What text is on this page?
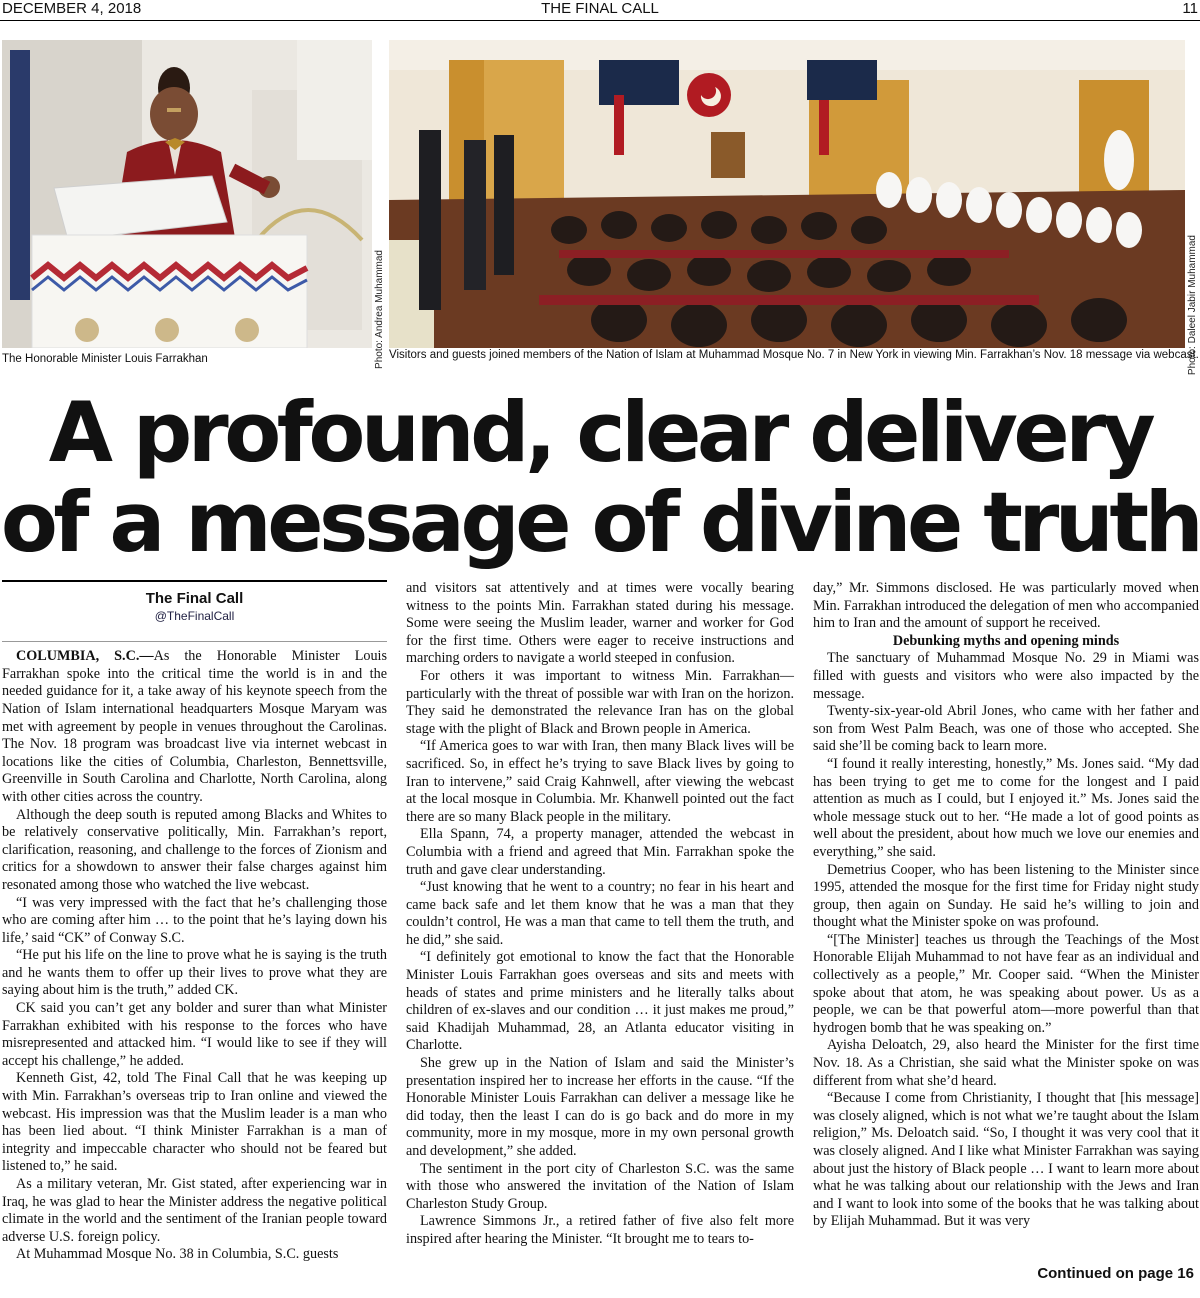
DECEMBER 4, 2018	THE FINAL CALL	11
Photo: Andrea Muhammad
The Honorable Minister Louis Farrakhan	Photo: Daleel Jabir Muhammad
Visitors and guests joined members of the Nation of Islam at Muhammad Mosque No. 7 in New York in viewing Min. Farrakhan’s Nov. 18 message via webcast.
A profound, clear delivery
of a message of divine truth
The Final Call
@TheFinalCall

COLUMBIA, S.C.—As the Honorable Minister Louis Farrakhan spoke into the critical time the world is in and the needed guidance for it, a take away of his keynote speech from the Nation of Islam international headquarters Mosque Maryam was met with agreement by people in venues throughout the Carolinas. The Nov. 18 program was broadcast live via internet webcast in locations like the cities of Columbia, Charleston, Bennettsville, Greenville in South Carolina and Charlotte, North Carolina, along with other cities across the country.

Although the deep south is reputed among Blacks and Whites to be relatively conservative politically, Min. Farrakhan’s report, clarification, reasoning, and challenge to the forces of Zionism and critics for a showdown to answer their false charges against him resonated among those who watched the live webcast.

“I was very impressed with the fact that he’s challenging those who are coming after him … to the point that he’s laying down his life,’ said “CK” of Conway S.C.

“He put his life on the line to prove what he is saying is the truth and he wants them to offer up their lives to prove what they are saying about him is the truth,” added CK.

CK said you can’t get any bolder and surer than what Minister Farrakhan exhibited with his response to the forces who have misrepresented and attacked him. “I would like to see if they will accept his challenge,” he added.

Kenneth Gist, 42, told The Final Call that he was keeping up with Min. Farrakhan’s overseas trip to Iran online and viewed the webcast. His impression was that the Muslim leader is a man who has been lied about. “I think Minister Farrakhan is a man of integrity and impeccable character who should not be feared but listened to,” he said.

As a military veteran, Mr. Gist stated, after experiencing war in Iraq, he was glad to hear the Minister address the negative political climate in the world and the sentiment of the Iranian people toward adverse U.S. foreign policy.

At Muhammad Mosque No. 38 in Columbia, S.C. guests

and visitors sat attentively and at times were vocally bearing witness to the points Min. Farrakhan stated during his message. Some were seeing the Muslim leader, warner and worker for God for the first time. Others were eager to receive instructions and marching orders to navigate a world steeped in confusion.

For others it was important to witness Min. Farrakhan—particularly with the threat of possible war with Iran on the horizon. They said he demonstrated the relevance Iran has on the global stage with the plight of Black and Brown people in America.

“If America goes to war with Iran, then many Black lives will be sacrificed. So, in effect he’s trying to save Black lives by going to Iran to intervene,” said Craig Kahnwell, after viewing the webcast at the local mosque in Columbia. Mr. Khanwell pointed out the fact there are so many Black people in the military.

Ella Spann, 74, a property manager, attended the webcast in Columbia with a friend and agreed that Min. Farrakhan spoke the truth and gave clear understanding.

“Just knowing that he went to a country; no fear in his heart and came back safe and let them know that he was a man that they couldn’t control, He was a man that came to tell them the truth, and he did,” she said.

“I definitely got emotional to know the fact that the Honorable Minister Louis Farrakhan goes overseas and sits and meets with heads of states and prime ministers and he literally talks about children of ex-slaves and our condition … it just makes me proud,” said Khadijah Muhammad, 28, an Atlanta educator visiting in Charlotte.

She grew up in the Nation of Islam and said the Minister’s presentation inspired her to increase her efforts in the cause. “If the Honorable Minister Louis Farrakhan can deliver a message like he did today, then the least I can do is go back and do more in my community, more in my mosque, more in my own personal growth and development,” she added.

The sentiment in the port city of Charleston S.C. was the same with those who answered the invitation of the Nation of Islam Charleston Study Group.

Lawrence Simmons Jr., a retired father of five also felt more inspired after hearing the Minister. “It brought me to tears to-

day,” Mr. Simmons disclosed. He was particularly moved when Min. Farrakhan introduced the delegation of men who accompanied him to Iran and the amount of support he received.

Debunking myths and opening minds

The sanctuary of Muhammad Mosque No. 29 in Miami was filled with guests and visitors who were also impacted by the message.

Twenty-six-year-old Abril Jones, who came with her father and son from West Palm Beach, was one of those who accepted. She said she’ll be coming back to learn more.

“I found it really interesting, honestly,” Ms. Jones said. “My dad has been trying to get me to come for the longest and I paid attention as much as I could, but I enjoyed it.” Ms. Jones said the whole message stuck out to her. “He made a lot of good points as well about the president, about how much we love our enemies and everything,” she said.

Demetrius Cooper, who has been listening to the Minister since 1995, attended the mosque for the first time for Friday night study group, then again on Sunday. He said he’s willing to join and thought what the Minister spoke on was profound.

“[The Minister] teaches us through the Teachings of the Most Honorable Elijah Muhammad to not have fear as an individual and collectively as a people,” Mr. Cooper said. “When the Minister spoke about that atom, he was speaking about power. Us as a people, we can be that powerful atom—more powerful than that hydrogen bomb that he was speaking on.”

Ayisha Deloatch, 29, also heard the Minister for the first time Nov. 18. As a Christian, she said what the Minister spoke on was different from what she’d heard.

“Because I come from Christianity, I thought that [his message] was closely aligned, which is not what we’re taught about the Islam religion,” Ms. Deloatch said. “So, I thought it was very cool that it was closely aligned. And I like what Minister Farrakhan was saying about just the history of Black people … I want to learn more about what he was talking about our relationship with the Jews and Iran and I want to look into some of the books that he was talking about by Elijah Muhammad. But it was very

Continued on page 16
